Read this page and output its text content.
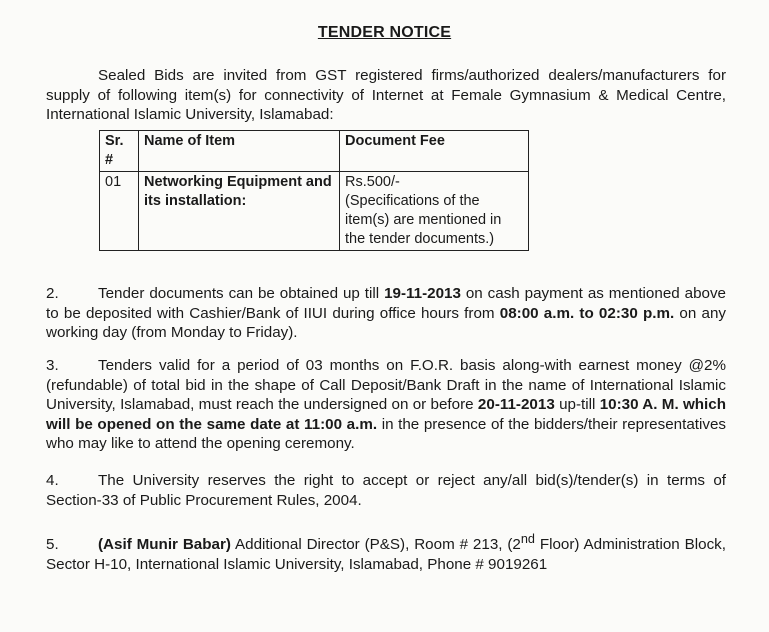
TENDER NOTICE
Sealed Bids are invited from GST registered firms/authorized dealers/manufacturers for supply of following item(s) for connectivity of Internet at Female Gymnasium & Medical Centre, International Islamic University, Islamabad:
Sr. #	Name of Item	Document Fee
01	Networking Equipment and its installation:	Rs.500/-
(Specifications of the item(s) are mentioned in the tender documents.)
2.	Tender documents can be obtained up till 19-11-2013 on cash payment as mentioned above to be deposited with Cashier/Bank of IIUI during office hours from 08:00 a.m. to 02:30 p.m. on any working day (from Monday to Friday).
3.	Tenders valid for a period of 03 months on F.O.R. basis along-with earnest money @2% (refundable) of total bid in the shape of Call Deposit/Bank Draft in the name of International Islamic University, Islamabad, must reach the undersigned on or before 20-11-2013 up-till 10:30 A. M. which will be opened on the same date at 11:00 a.m. in the presence of the bidders/their representatives who may like to attend the opening ceremony.
4.	The University reserves the right to accept or reject any/all bid(s)/tender(s) in terms of Section-33 of Public Procurement Rules, 2004.
5.	(Asif Munir Babar) Additional Director (P&S), Room # 213, (2nd Floor) Administration Block, Sector H-10, International Islamic University, Islamabad, Phone # 9019261
